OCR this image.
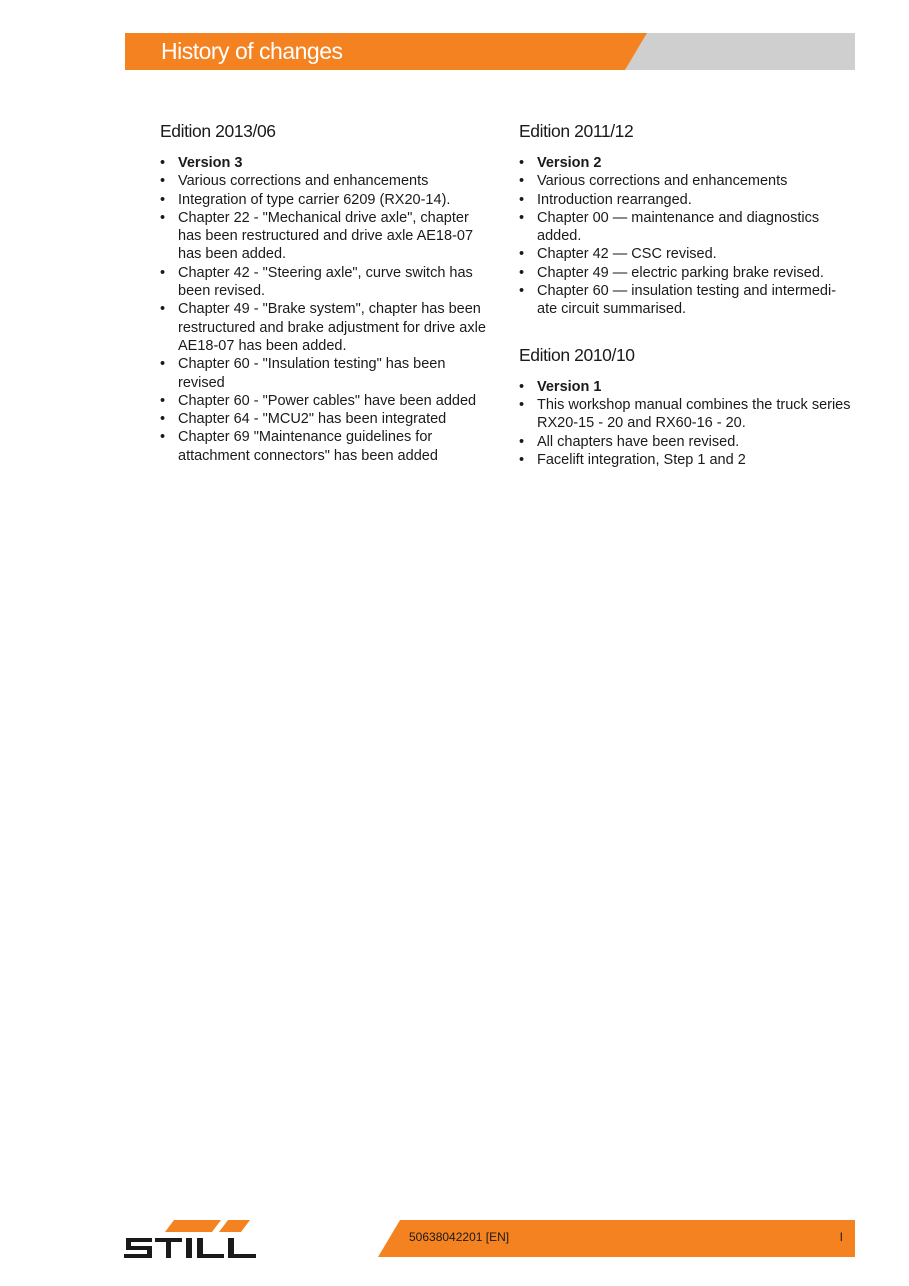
History of changes
Edition 2013/06
• Version 3
• Various corrections and enhancements
• Integration of type carrier 6209 (RX20-14).
• Chapter 22 - "Mechanical drive axle", chapter has been restructured and drive axle AE18-07 has been added.
• Chapter 42 - "Steering axle", curve switch has been revised.
• Chapter 49 - "Brake system", chapter has been restructured and brake adjustment for drive axle AE18-07 has been added.
• Chapter 60 - "Insulation testing" has been revised
• Chapter 60 - "Power cables" have been added
• Chapter 64 - "MCU2" has been integrated
• Chapter 69 "Maintenance guidelines for attachment connectors" has been added
Edition 2011/12
• Version 2
• Various corrections and enhancements
• Introduction rearranged.
• Chapter 00 — maintenance and diagnostics added.
• Chapter 42 — CSC revised.
• Chapter 49 — electric parking brake revised.
• Chapter 60 — insulation testing and intermedi-ate circuit summarised.
Edition 2010/10
• Version 1
• This workshop manual combines the truck series RX20-15 - 20 and RX60-16 - 20.
• All chapters have been revised.
• Facelift integration, Step 1 and 2
50638042201 [EN]	I
